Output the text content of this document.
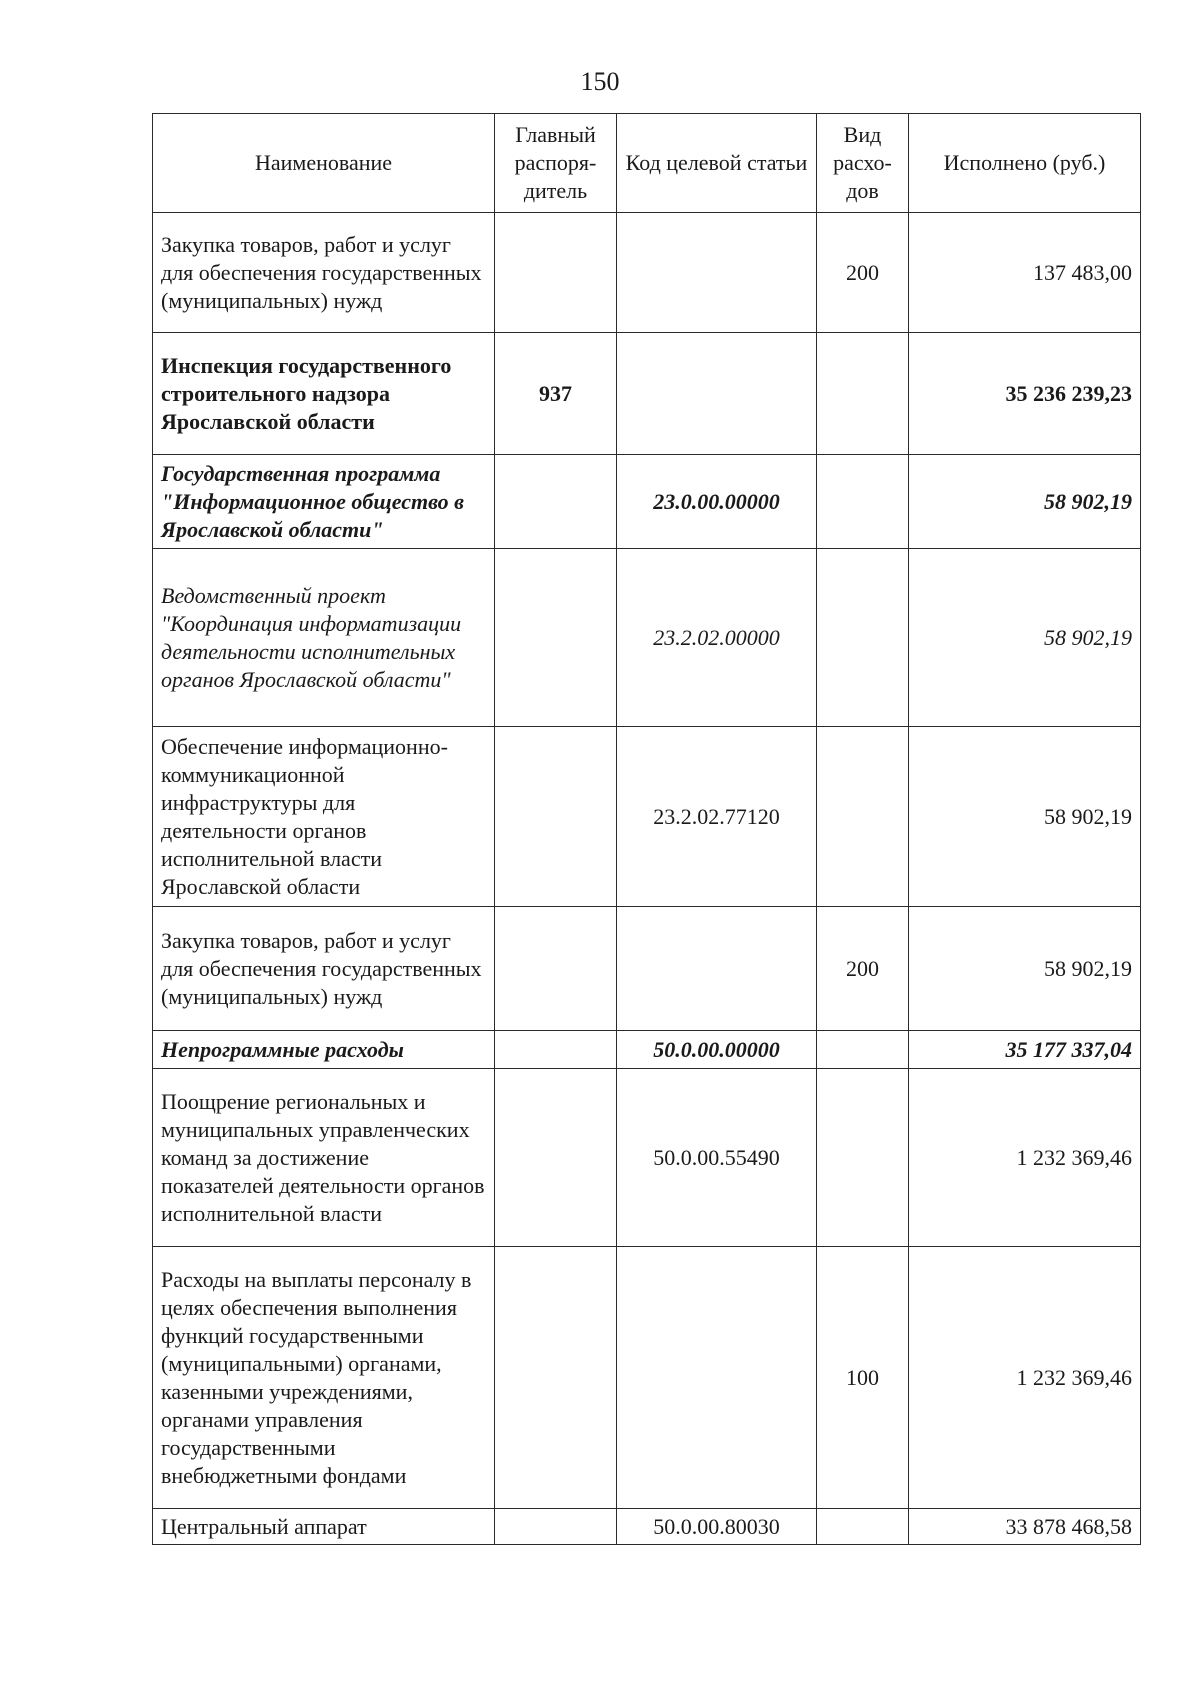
150
Наименование	Главный распоря-дитель	Код целевой статьи	Вид расхо-дов	Исполнено (руб.)
Закупка товаров, работ и услуг для обеспечения государственных (муниципальных) нужд			200	137 483,00
Инспекция государственного строительного надзора Ярославской области	937			35 236 239,23
Государственная программа "Информационное общество в Ярославской области"		23.0.00.00000		58 902,19
Ведомственный проект "Координация информатизации деятельности исполнительных органов Ярославской области"		23.2.02.00000		58 902,19
Обеспечение информационно-коммуникационной инфраструктуры для деятельности органов исполнительной власти Ярославской области		23.2.02.77120		58 902,19
Закупка товаров, работ и услуг для обеспечения государственных (муниципальных) нужд			200	58 902,19
Непрограммные расходы		50.0.00.00000		35 177 337,04
Поощрение региональных и муниципальных управленческих команд за достижение показателей деятельности органов исполнительной власти		50.0.00.55490		1 232 369,46
Расходы на выплаты персоналу в целях обеспечения выполнения функций государственными (муниципальными) органами, казенными учреждениями, органами управления государственными внебюджетными фондами			100	1 232 369,46
Центральный аппарат		50.0.00.80030		33 878 468,58
